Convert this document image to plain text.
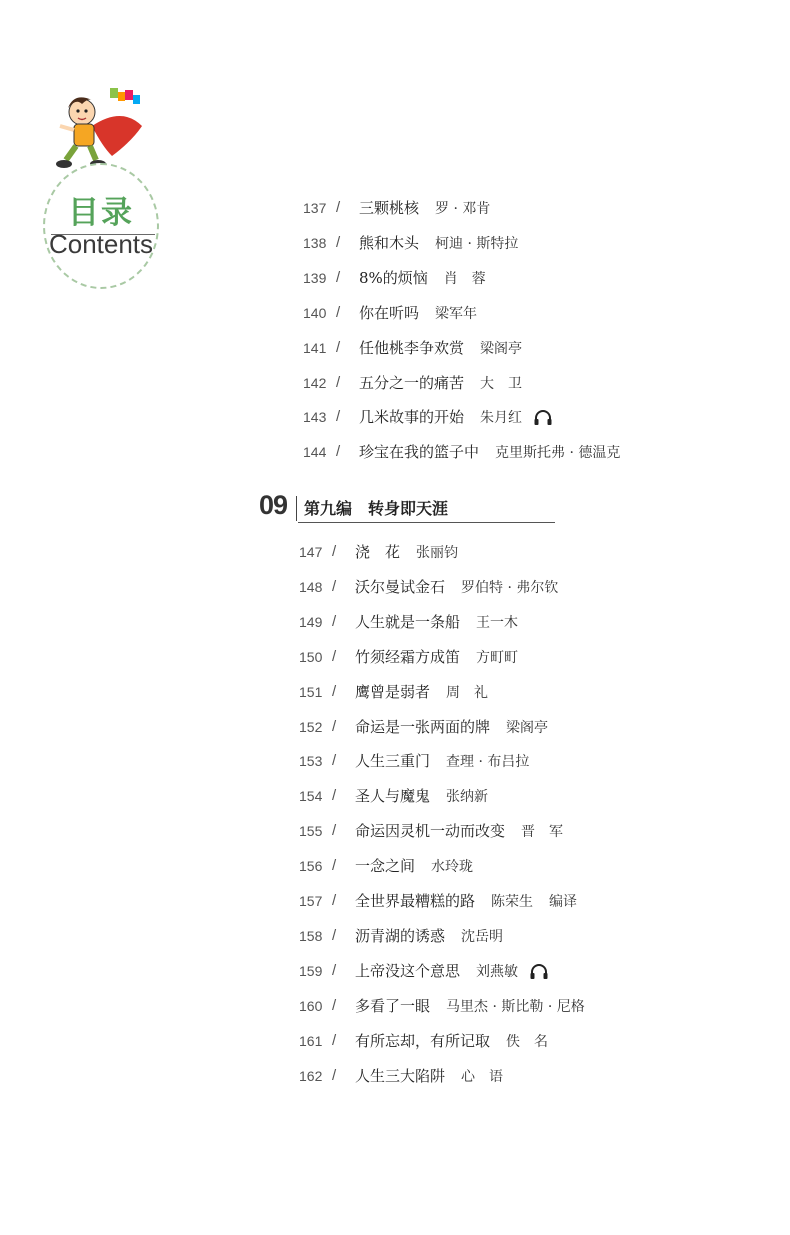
目录
Contents
137 / 三颗桃核 罗 · 邓肯
138 / 熊和木头 柯迪 · 斯特拉
139 / 8%的烦恼 肖　蓉
140 / 你在听吗 梁军年
141 / 任他桃李争欢赏 梁阁亭
142 / 五分之一的痛苦 大　卫
143 / 几米故事的开始 朱月红
144 / 珍宝在我的篮子中 克里斯托弗 · 德温克
09 第九编　转身即天涯
147 / 浇　花 张丽钧
148 / 沃尔曼试金石 罗伯特 · 弗尔钦
149 / 人生就是一条船 王一木
150 / 竹须经霜方成笛 方町町
151 / 鹰曾是弱者 周　礼
152 / 命运是一张两面的牌 梁阁亭
153 / 人生三重门 查理 · 布吕拉
154 / 圣人与魔鬼 张纳新
155 / 命运因灵机一动而改变 晋　军
156 / 一念之间 水玲珑
157 / 全世界最糟糕的路 陈荣生 编译
158 / 沥青湖的诱惑 沈岳明
159 / 上帝没这个意思 刘燕敏
160 / 多看了一眼 马里杰 · 斯比勒 · 尼格
161 / 有所忘却，有所记取 佚　名
162 / 人生三大陷阱 心　语
